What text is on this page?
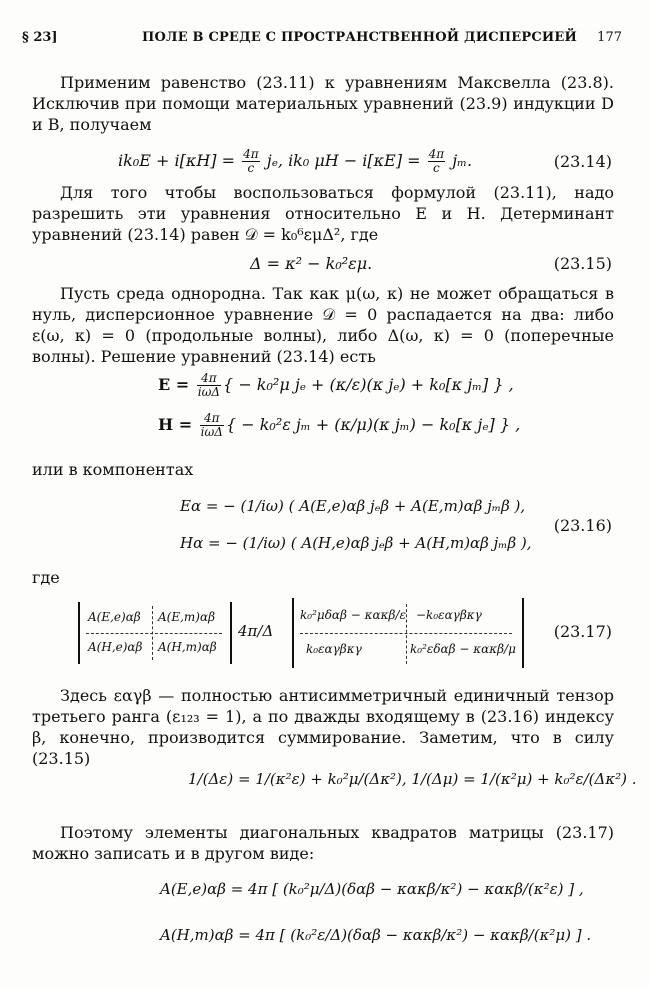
§ 23]	ПОЛЕ В СРЕДЕ С ПРОСТРАНСТВЕННОЙ ДИСПЕРСИЕЙ 177
Применим равенство (23.11) к уравнениям Максвелла (23.8). Исключив при помощи материальных уравнений (23.9) индукции D и B, получаем
$ik_0E + i[\kappa H] = \frac{4\pi}{c} j_e$, ik₀ $\mu H - i[\kappa E] = \frac{4\pi}{c} j_m$.	(23.14)
Для того чтобы воспользоваться формулой (23.11), надо разрешить эти уравнения относительно E и H. Детерминант уравнений (23.14) равен 𝒟 = k₀⁶εμΔ², где
Δ = κ² − k₀²εμ.	(23.15)
Пусть среда однородна. Так как μ(ω, κ) не может обращаться в нуль, дисперсионное уравнение 𝒟 = 0 распадается на два: либо ε(ω, κ) = 0 (продольные волны), либо Δ(ω, κ) = 0 (поперечные волны). Решение уравнений (23.14) есть
$E = \frac{4\pi}{\text{iωΔ}}$ { − k₀²μ jₑ + (κ/ε)(κ jₑ) + k₀[κ jₘ] } ,
$H = \frac{4\pi}{\text{iωΔ}}$ { − k₀²ε jₘ + (κ/μ)(κ jₘ) − k₀[κ jₑ] } ,
или в компонентах
Eα = − (1/iω) ( A(E,e)αβ jₑβ + A(E,m)αβ jₘβ ),
Hα = − (1/iω) ( A(H,e)αβ jₑβ + A(H,m)αβ jₘβ ),
(23.16)
где
A(E,e)αβ A(E,m)αβ
A(H,e)αβ A(H,m)αβ
4π/Δ
k₀²μδαβ − κακβ/ε −k₀εαγβκγ
k₀εαγβκγ	k₀²εδαβ − κακβ/μ
(23.17)
Здесь εαγβ — полностью антисимметричный единичный тензор третьего ранга (ε₁₂₃ = 1), а по дважды входящему в (23.16) индексу β, конечно, производится суммирование. Заметим, что в силу (23.15)
1/(Δε) = 1/(κ²ε) + k₀²μ/(Δκ²), 1/(Δμ) = 1/(κ²μ) + k₀²ε/(Δκ²) .
Поэтому элементы диагональных квадратов матрицы (23.17) можно записать и в другом виде:
A(E,e)αβ = 4π [ (k₀²μ/Δ)(δαβ − κακβ/κ²) − κακβ/(κ²ε) ] ,
A(H,m)αβ = 4π [ (k₀²ε/Δ)(δαβ − κακβ/κ²) − κακβ/(κ²μ) ] .
